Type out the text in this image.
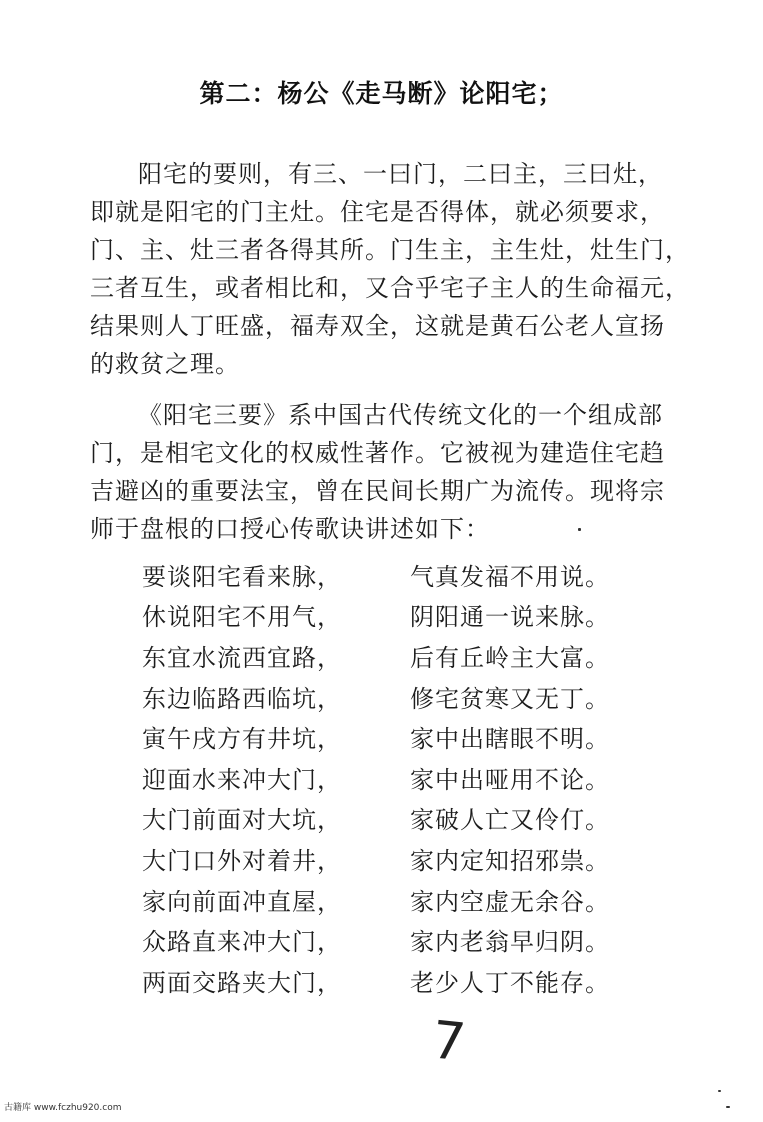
第二：杨公《走马断》论阳宅；

阳宅的要则，有三、一曰门，二曰主，三曰灶，

即就是阳宅的门主灶。住宅是否得体，就必须要求，

门、主、灶三者各得其所。门生主，主生灶，灶生门，

三者互生，或者相比和，又合乎宅子主人的生命福元，

结果则人丁旺盛，福寿双全，这就是黄石公老人宣扬

的救贫之理。

《阳宅三要》系中国古代传统文化的一个组成部

门，是相宅文化的权威性著作。它被视为建造住宅趋

吉避凶的重要法宝，曾在民间长期广为流传。现将宗

师于盘根的口授心传歌诀讲述如下：

要谈阳宅看来脉，	气真发福不用说。
休说阳宅不用气，	阴阳通一说来脉。
东宜水流西宜路，	后有丘岭主大富。
东边临路西临坑，	修宅贫寒又无丁。
寅午戌方有井坑，	家中出瞎眼不明。
迎面水来冲大门，	家中出哑用不论。
大门前面对大坑，	家破人亡又伶仃。
大门口外对着井，	家内定知招邪祟。
家向前面冲直屋，	家内空虚无余谷。
众路直来冲大门，	家内老翁早归阴。
两面交路夹大门，	老少人丁不能存。
7
古籍库 www.fczhu920.com
